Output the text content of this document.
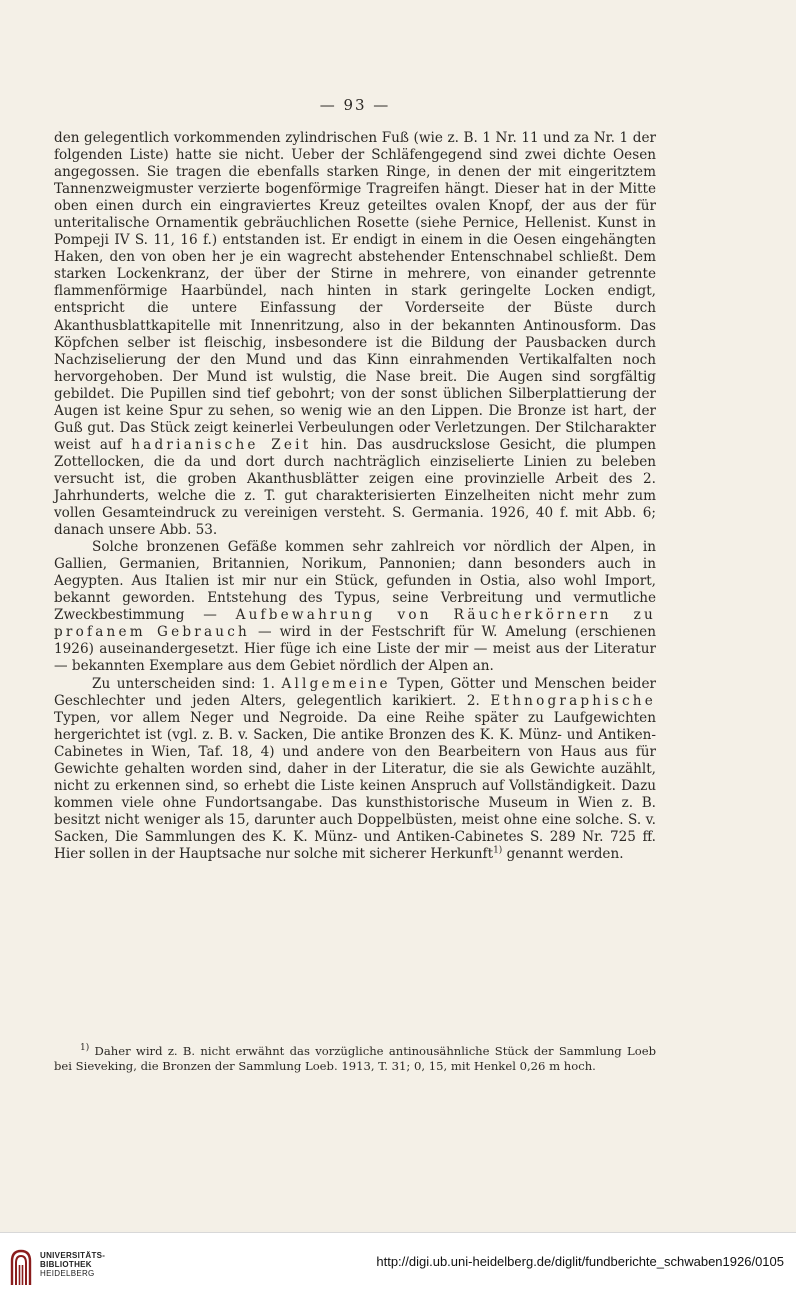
— 93 —

den gelegentlich vorkommenden zylindrischen Fuß (wie z. B. 1 Nr. 11 und za Nr. 1 der folgenden Liste) hatte sie nicht. Ueber der Schläfengegend sind zwei dichte Oesen angegossen. Sie tragen die ebenfalls starken Ringe, in denen der mit eingeritztem Tannenzweigmuster verzierte bogenförmige Tragreifen hängt. Dieser hat in der Mitte oben einen durch ein eingraviertes Kreuz geteiltes ovalen Knopf, der aus der für unteritalische Ornamentik gebräuchlichen Rosette (siehe Pernice, Hellenist. Kunst in Pompeji IV S. 11, 16 f.) entstanden ist. Er endigt in einem in die Oesen eingehängten Haken, den von oben her je ein wagrecht abstehender Entenschnabel schließt. Dem starken Lockenkranz, der über der Stirne in mehrere, von einander getrennte flammenförmige Haarbündel, nach hinten in stark geringelte Locken endigt, entspricht die untere Einfassung der Vorderseite der Büste durch Akanthusblattkapitelle mit Innenritzung, also in der bekannten Antinousform. Das Köpfchen selber ist fleischig, insbesondere ist die Bildung der Pausbacken durch Nachziselierung der den Mund und das Kinn einrahmenden Vertikalfalten noch hervorgehoben. Der Mund ist wulstig, die Nase breit. Die Augen sind sorgfältig gebildet. Die Pupillen sind tief gebohrt; von der sonst üblichen Silberplattierung der Augen ist keine Spur zu sehen, so wenig wie an den Lippen. Die Bronze ist hart, der Guß gut. Das Stück zeigt keinerlei Verbeulungen oder Verletzungen. Der Stilcharakter weist auf hadrianische Zeit hin. Das ausdruckslose Gesicht, die plumpen Zottellocken, die da und dort durch nachträglich einziselierte Linien zu beleben versucht ist, die groben Akanthusblätter zeigen eine provinzielle Arbeit des 2. Jahrhunderts, welche die z. T. gut charakterisierten Einzelheiten nicht mehr zum vollen Gesamteindruck zu vereinigen versteht. S. Germania. 1926, 40 f. mit Abb. 6; danach unsere Abb. 53.

Solche bronzenen Gefäße kommen sehr zahlreich vor nördlich der Alpen, in Gallien, Germanien, Britannien, Norikum, Pannonien; dann besonders auch in Aegypten. Aus Italien ist mir nur ein Stück, gefunden in Ostia, also wohl Import, bekannt geworden. Entstehung des Typus, seine Verbreitung und vermutliche Zweckbestimmung — Aufbewahrung von Räucherkörnern zu profanem Gebrauch — wird in der Festschrift für W. Amelung (erschienen 1926) auseinandergesetzt. Hier füge ich eine Liste der mir — meist aus der Literatur — bekannten Exemplare aus dem Gebiet nördlich der Alpen an.

Zu unterscheiden sind: 1. Allgemeine Typen, Götter und Menschen beider Geschlechter und jeden Alters, gelegentlich karikiert. 2. Ethnographische Typen, vor allem Neger und Negroide. Da eine Reihe später zu Laufgewichten hergerichtet ist (vgl. z. B. v. Sacken, Die antike Bronzen des K. K. Münz- und Antiken-Cabinetes in Wien, Taf. 18, 4) und andere von den Bearbeitern von Haus aus für Gewichte gehalten worden sind, daher in der Literatur, die sie als Gewichte auzählt, nicht zu erkennen sind, so erhebt die Liste keinen Anspruch auf Vollständigkeit. Dazu kommen viele ohne Fundortsangabe. Das kunsthistorische Museum in Wien z. B. besitzt nicht weniger als 15, darunter auch Doppelbüsten, meist ohne eine solche. S. v. Sacken, Die Sammlungen des K. K. Münz- und Antiken-Cabinetes S. 289 Nr. 725 ff. Hier sollen in der Hauptsache nur solche mit sicherer Herkunft$^{1)}$ genannt werden.

$^{1)}$ Daher wird z. B. nicht erwähnt das vorzügliche antinousähnliche Stück der Sammlung Loeb bei Sieveking, die Bronzen der Sammlung Loeb. 1913, T. 31; 0, 15, mit Henkel 0,26 m hoch.

UNIVERSITÄTS-
BIBLIOTHEK
HEIDELBERG
http://digi.ub.uni-heidelberg.de/diglit/fundberichte_schwaben1926/0105
